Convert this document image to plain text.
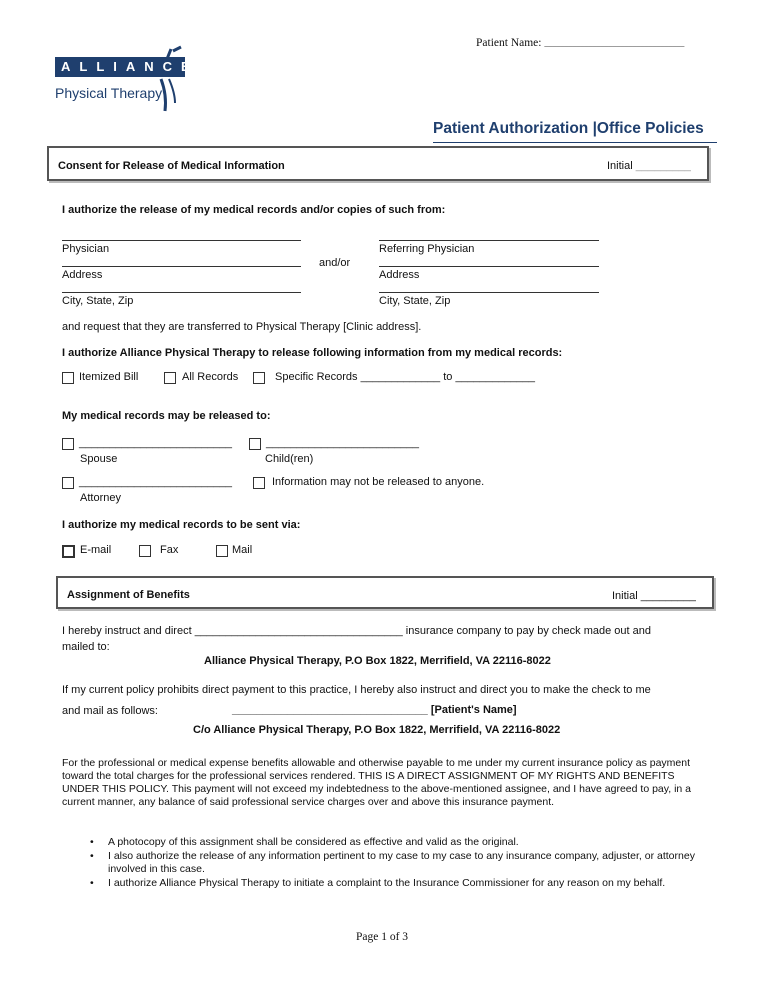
Patient Name: ___________________________________
ALLIANCE
Physical Therapy
Patient Authorization |Office Policies
Consent for Release of Medical Information	Initial _________
I authorize the release of my medical records and/or copies of such from:
Physician	Referring Physician
and/or
Address	Address
City, State, Zip	City, State, Zip
and request that they are transferred to Physical Therapy [Clinic address].
I authorize Alliance Physical Therapy to release following information from my medical records:
Itemized Bill	All Records	Specific Records _____________ to _____________
My medical records may be released to:
_________________________	_________________________
Spouse	Child(ren)
_________________________	Information may not be released to anyone.
Attorney
I authorize my medical records to be sent via:
E-mail	Fax	Mail
Assignment of Benefits	Initial _________
I hereby instruct and direct __________________________________ insurance company to pay by check made out and
mailed to:
Alliance Physical Therapy, P.O Box 1822, Merrifield, VA 22116-8022
If my current policy prohibits direct payment to this practice, I hereby also instruct and direct you to make the check to me
and mail as follows:	________________________________ [Patient's Name]
C/o Alliance Physical Therapy, P.O Box 1822, Merrifield, VA 22116-8022
For the professional or medical expense benefits allowable and otherwise payable to me under my current insurance policy as payment toward the total charges for the professional services rendered. THIS IS A DIRECT ASSIGNMENT OF MY RIGHTS AND BENEFITS UNDER THIS POLICY. This payment will not exceed my indebtedness to the above-mentioned assignee, and I have agreed to pay, in a current manner, any balance of said professional service charges over and above this insurance payment.
• A photocopy of this assignment shall be considered as effective and valid as the original.
• I also authorize the release of any information pertinent to my case to my case to any insurance company, adjuster, or attorney involved in this case.
• I authorize Alliance Physical Therapy to initiate a complaint to the Insurance Commissioner for any reason on my behalf.
Page 1 of 3
